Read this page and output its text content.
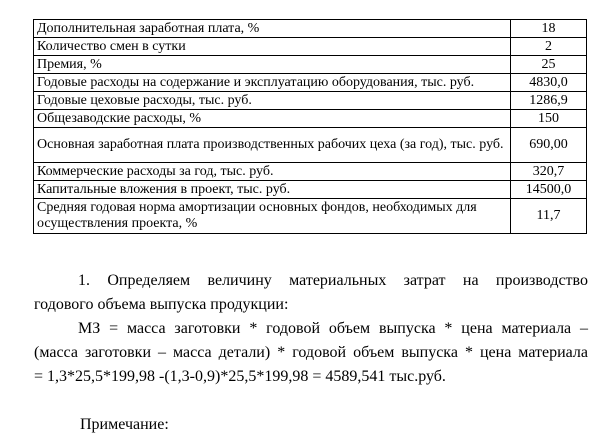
Дополнительная заработная плата, %	18
Количество смен в сутки	2
Премия, %	25
Годовые расходы на содержание и эксплуатацию оборудования, тыс. руб.	4830,0
Годовые цеховые расходы, тыс. руб.	1286,9
Общезаводские расходы, %	150
Основная заработная плата производственных рабочих цеха (за год), тыс. руб.	690,00
Коммерческие расходы за год, тыс. руб.	320,7
Капитальные вложения в проект, тыс. руб.	14500,0
Средняя годовая норма амортизации основных фондов, необходимых для осуществления проекта, %	11,7
1. Определяем величину материальных затрат на производство
годового объема выпуска продукции:
МЗ = масса заготовки * годовой объем выпуска * цена материала –
(масса заготовки – масса детали) * годовой объем выпуска * цена материала
= 1,3*25,5*199,98 -(1,3-0,9)*25,5*199,98 = 4589,541 тыс.руб.
Примечание:
